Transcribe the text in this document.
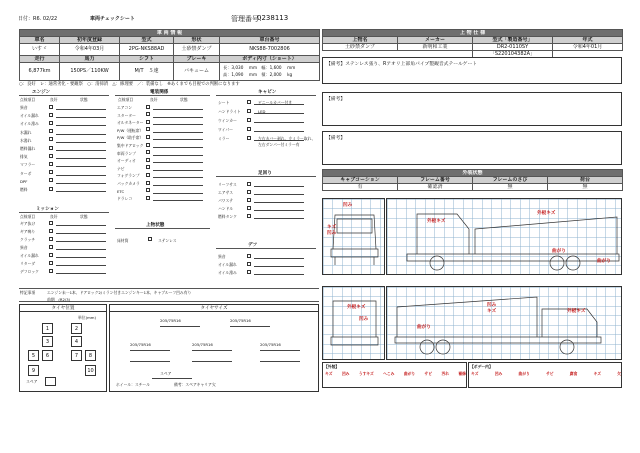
日付：R6. 02/22	車両チェックシート	管理番号：
0238113
車 両 情 報				
車名	初年度登録	型式	形状	車台番号
いすゞ	令和4年03月	2PG-NKS88AD	土砂禁ダンプ	NKS88-7002806
走行	馬力	シフト	ブレーキ	ボディ内寸（ショート）
6,877km	150PS／110KW	M/T　５速	バキューム	長：3,030　 mm　幅：1,600　 mm
高：1,090　 mm　積：2,000　 kg
上 物 仕 様			
上物名	メーカー	型式「製造番号」	年式
土砂禁ダンプ	新明和工業	DR2-0110SY	令和4年01月
		「S220104382A」	
【備考】ステンレス張り、Rアオリ上部角パイプ製観音式テールゲート
【備考】
【備考】
○：良好　レ：通常劣化・要観察　○：清掃済　△：修理要　／：装備なし　※あくまでも目視での判断になります
エンジン
点検項目	良好	状態
異音
オイル漏れ
オイル滲み
水漏れ
水滲れ
燃料漏れ
排気
マフラー
ターボ
DPF
燃料
電装関係
点検項目	良好	状態
エアコン
スターター
オルタネーター
P/W（運転席）
P/W（助手席）
集中ドアロック
車両ランプ
オーディオ
ナビ
フォグランプ
パックカメラ
ETC
ドラレコ
キャビン
シート	ビニールカバー付き
ハンドライト	LED
ウインカー
ワイパー
ミラー	左右カバー剥れ、左ミラー取れ、左右ダンパー付ミラー有
ミッション
点検項目	良好	状態
ギア抜け
ギア鳴り
クラッチ
異音
オイル漏れ
リターダ
デフロック
上物状態
床材質	ステンレス
足回り
リーフサス
エアサス
パワステ
ハンドル
燃料タンク
デフ
異音
オイル漏れ
オイル滲み
特記事項	エンジン未一1本、ドアロック2/ミラン付きエンジンキー1本、キャブルーフ凹み有り
前期　(R2/3)
タイヤ位置
単位(mm)
1	2
3	4
5	6	7	8
9	10
スペア
タイヤサイズ
205/75R16	205/75R16
205/75R16	205/75R16	205/75R16
スペア
ホイール：スチール	備考：スペアキャリア欠
外装状態			
キャブコーション	フレーム番号	フレームのさび	荷台
有	確認済	無	無
凹み
キズ
凹み
外板キズ
外板キズ
曲がり
曲がり
外板キズ
凹み
凹み
キズ
曲がり
外板キズ
【外装】
キズ 凹み うすキズ へこみ 曲がり サビ 汚れ 補修
【ボデー内】
キズ	凹み	曲がり	サビ	腐食	キズ	欠
